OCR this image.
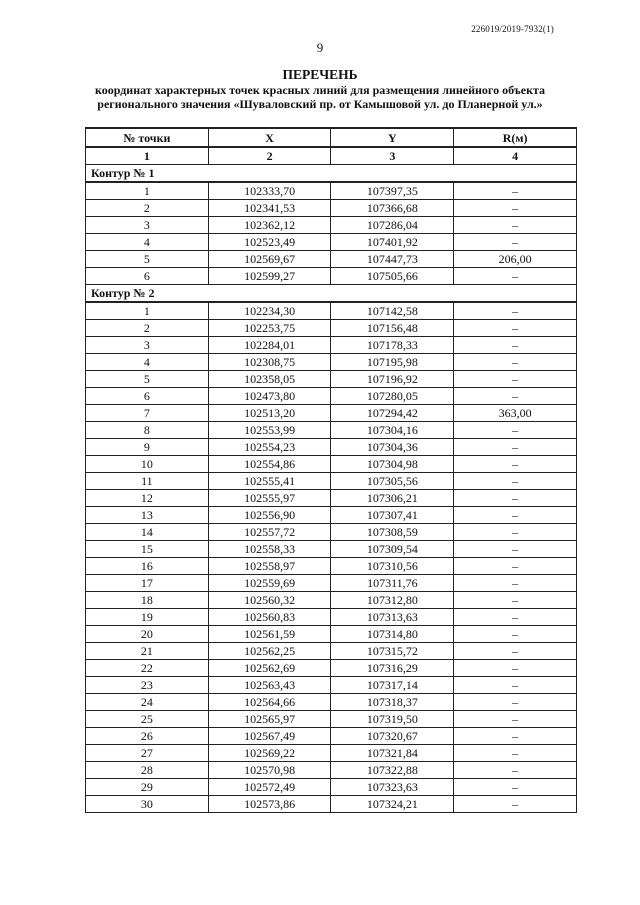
226019/2019-7932(1)
9
ПЕРЕЧЕНЬ
координат характерных точек красных линий для размещения линейного объекта
регионального значения «Шуваловский пр. от Камышовой ул. до Планерной ул.»
№ точки	X	Y	R(м)
1	2	3	4
Контур № 1			
1	102333,70	107397,35	–
2	102341,53	107366,68	–
3	102362,12	107286,04	–
4	102523,49	107401,92	–
5	102569,67	107447,73	206,00
6	102599,27	107505,66	–
Контур № 2			
1	102234,30	107142,58	–
2	102253,75	107156,48	–
3	102284,01	107178,33	–
4	102308,75	107195,98	–
5	102358,05	107196,92	–
6	102473,80	107280,05	–
7	102513,20	107294,42	363,00
8	102553,99	107304,16	–
9	102554,23	107304,36	–
10	102554,86	107304,98	–
11	102555,41	107305,56	–
12	102555,97	107306,21	–
13	102556,90	107307,41	–
14	102557,72	107308,59	–
15	102558,33	107309,54	–
16	102558,97	107310,56	–
17	102559,69	107311,76	–
18	102560,32	107312,80	–
19	102560,83	107313,63	–
20	102561,59	107314,80	–
21	102562,25	107315,72	–
22	102562,69	107316,29	–
23	102563,43	107317,14	–
24	102564,66	107318,37	–
25	102565,97	107319,50	–
26	102567,49	107320,67	–
27	102569,22	107321,84	–
28	102570,98	107322,88	–
29	102572,49	107323,63	–
30	102573,86	107324,21	–
